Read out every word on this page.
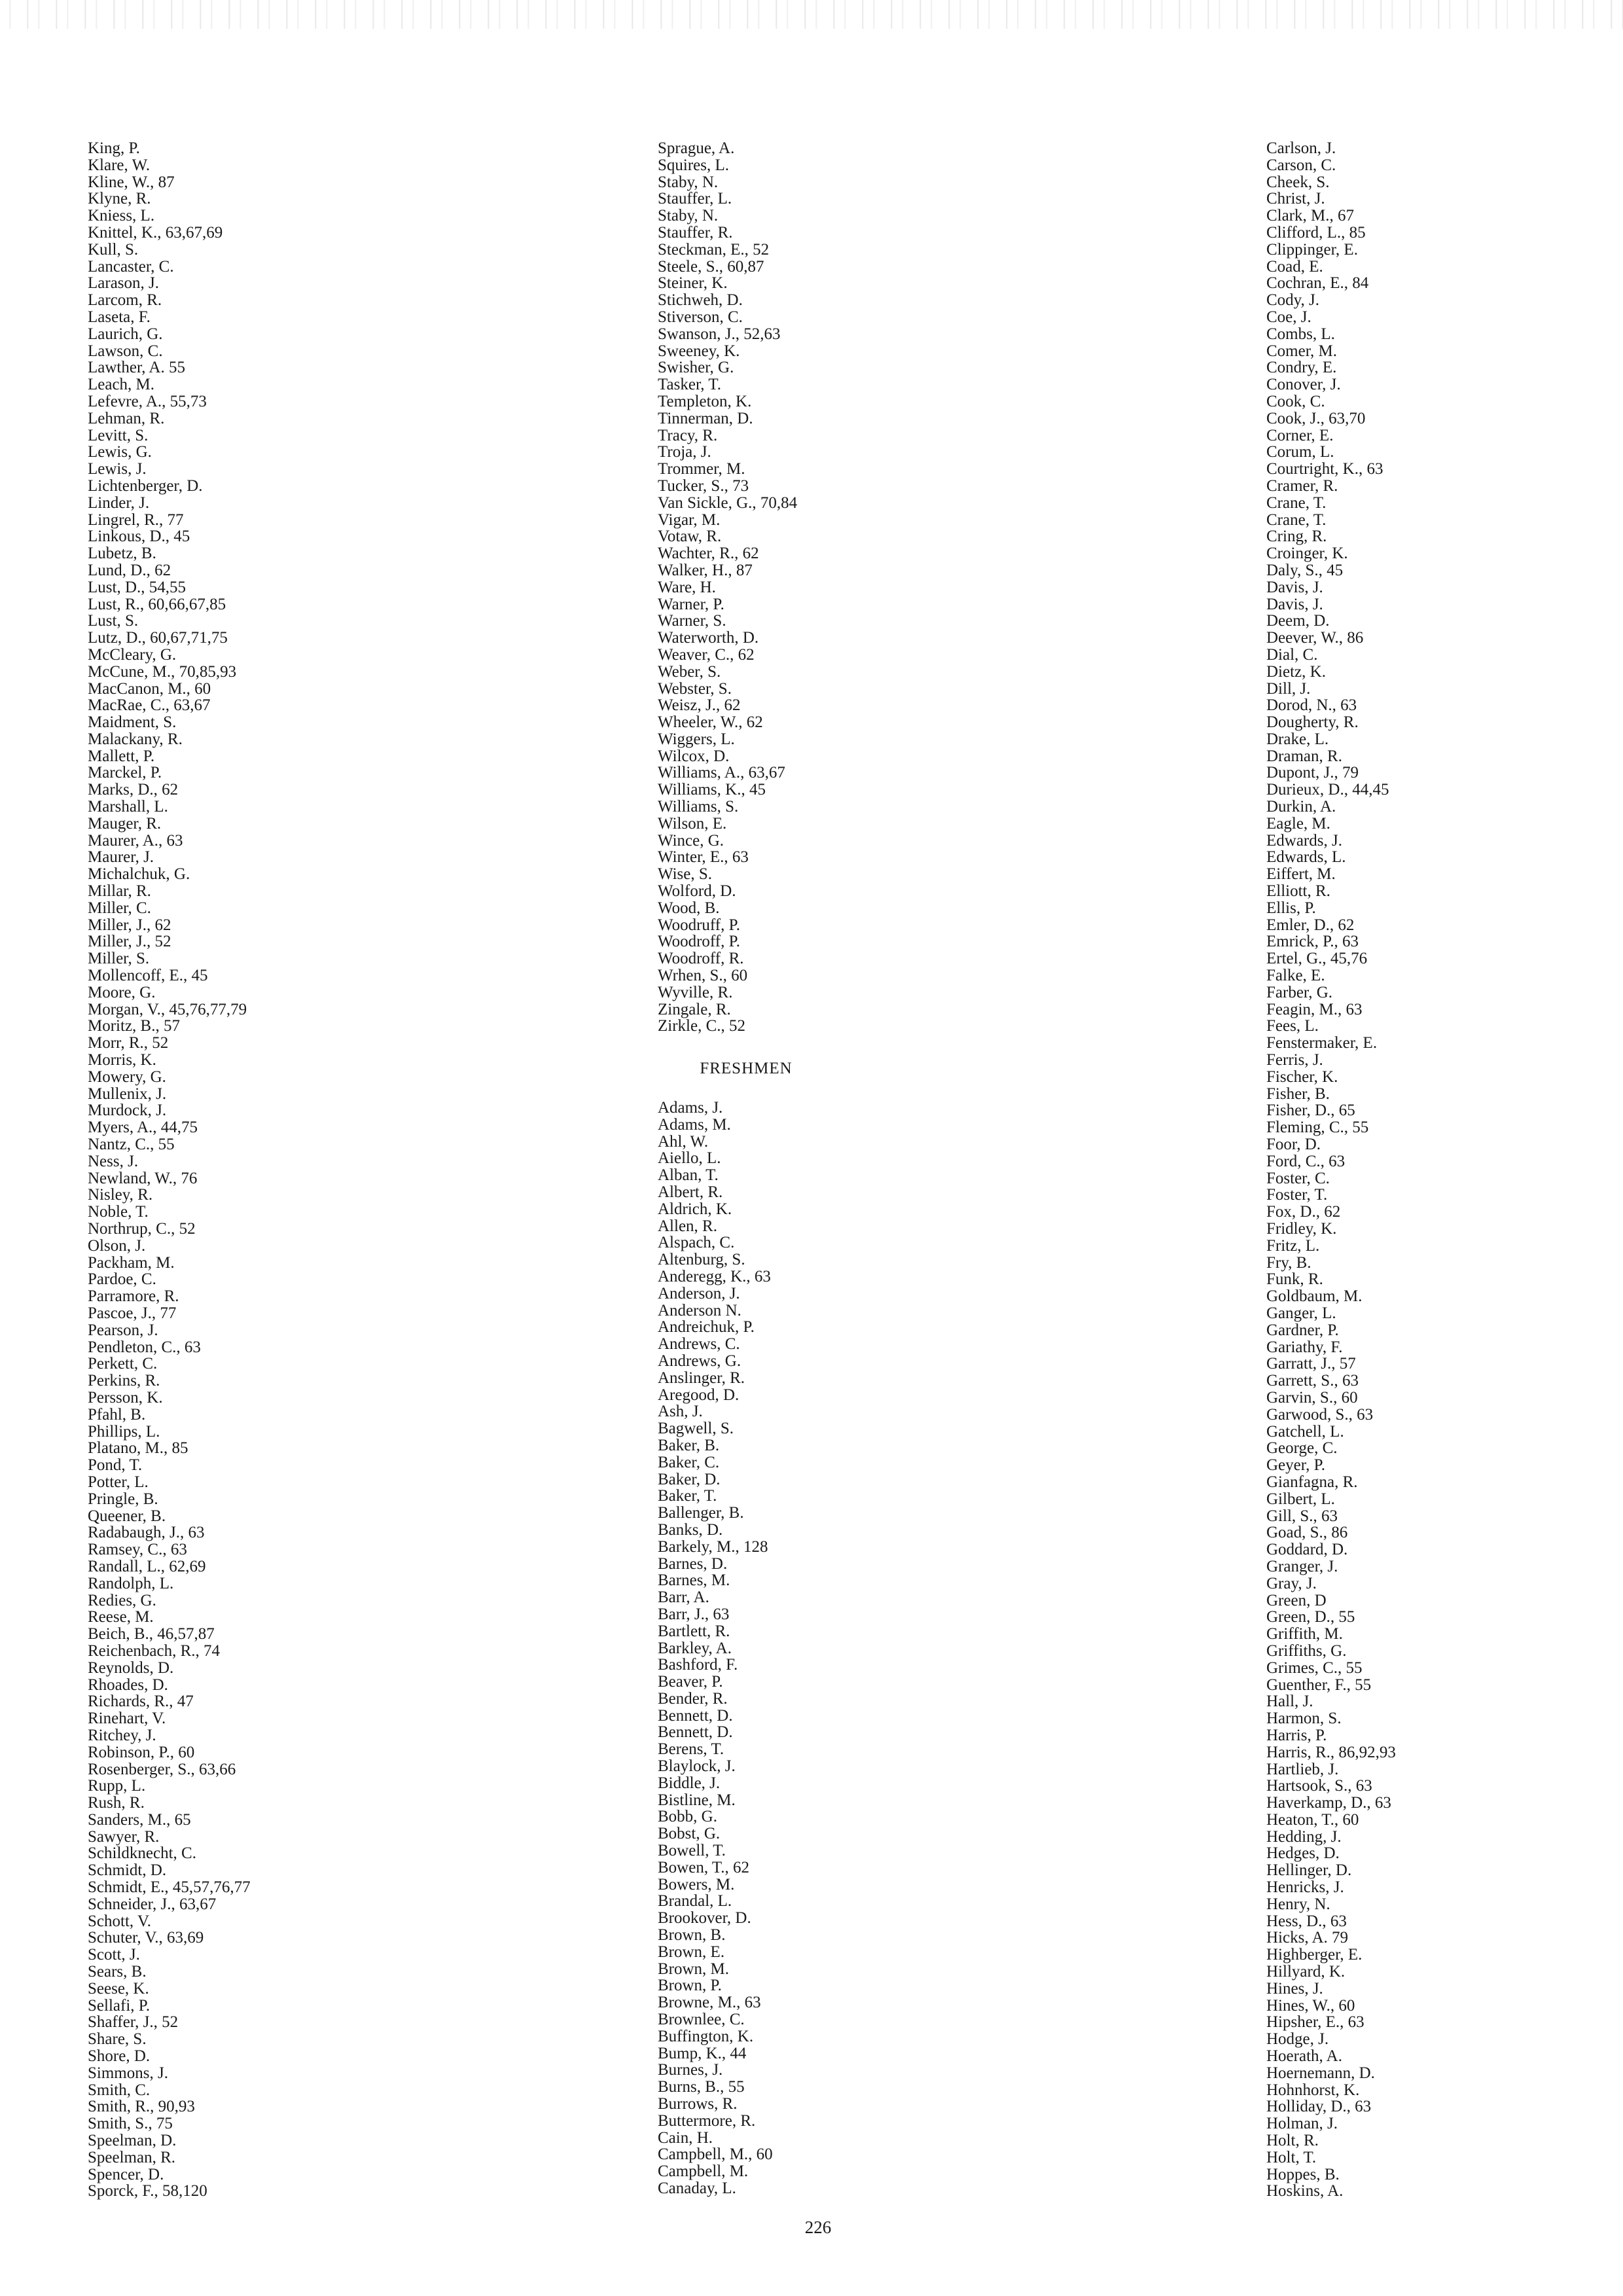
King, P.
Klare, W.
Kline, W., 87
Klyne, R.
Kniess, L.
Knittel, K., 63,67,69
Kull, S.
Lancaster, C.
Larason, J.
Larcom, R.
Laseta, F.
Laurich, G.
Lawson, C.
Lawther, A. 55
Leach, M.
Lefevre, A., 55,73
Lehman, R.
Levitt, S.
Lewis, G.
Lewis, J.
Lichtenberger, D.
Linder, J.
Lingrel, R., 77
Linkous, D., 45
Lubetz, B.
Lund, D., 62
Lust, D., 54,55
Lust, R., 60,66,67,85
Lust, S.
Lutz, D., 60,67,71,75
McCleary, G.
McCune, M., 70,85,93
MacCanon, M., 60
MacRae, C., 63,67
Maidment, S.
Malackany, R.
Mallett, P.
Marckel, P.
Marks, D., 62
Marshall, L.
Mauger, R.
Maurer, A., 63
Maurer, J.
Michalchuk, G.
Millar, R.
Miller, C.
Miller, J., 62
Miller, J., 52
Miller, S.
Mollencoff, E., 45
Moore, G.
Morgan, V., 45,76,77,79
Moritz, B., 57
Morr, R., 52
Morris, K.
Mowery, G.
Mullenix, J.
Murdock, J.
Myers, A., 44,75
Nantz, C., 55
Ness, J.
Newland, W., 76
Nisley, R.
Noble, T.
Northrup, C., 52
Olson, J.
Packham, M.
Pardoe, C.
Parramore, R.
Pascoe, J., 77
Pearson, J.
Pendleton, C., 63
Perkett, C.
Perkins, R.
Persson, K.
Pfahl, B.
Phillips, L.
Platano, M., 85
Pond, T.
Potter, L.
Pringle, B.
Queener, B.
Radabaugh, J., 63
Ramsey, C., 63
Randall, L., 62,69
Randolph, L.
Redies, G.
Reese, M.
Beich, B., 46,57,87
Reichenbach, R., 74
Reynolds, D.
Rhoades, D.
Richards, R., 47
Rinehart, V.
Ritchey, J.
Robinson, P., 60
Rosenberger, S., 63,66
Rupp, L.
Rush, R.
Sanders, M., 65
Sawyer, R.
Schildknecht, C.
Schmidt, D.
Schmidt, E., 45,57,76,77
Schneider, J., 63,67
Schott, V.
Schuter, V., 63,69
Scott, J.
Sears, B.
Seese, K.
Sellafi, P.
Shaffer, J., 52
Share, S.
Shore, D.
Simmons, J.
Smith, C.
Smith, R., 90,93
Smith, S., 75
Speelman, D.
Speelman, R.
Spencer, D.
Sporck, F., 58,120
Sprague, A.
Squires, L.
Staby, N.
Stauffer, L.
Staby, N.
Stauffer, R.
Steckman, E., 52
Steele, S., 60,87
Steiner, K.
Stichweh, D.
Stiverson, C.
Swanson, J., 52,63
Sweeney, K.
Swisher, G.
Tasker, T.
Templeton, K.
Tinnerman, D.
Tracy, R.
Troja, J.
Trommer, M.
Tucker, S., 73
Van Sickle, G., 70,84
Vigar, M.
Votaw, R.
Wachter, R., 62
Walker, H., 87
Ware, H.
Warner, P.
Warner, S.
Waterworth, D.
Weaver, C., 62
Weber, S.
Webster, S.
Weisz, J., 62
Wheeler, W., 62
Wiggers, L.
Wilcox, D.
Williams, A., 63,67
Williams, K., 45
Williams, S.
Wilson, E.
Wince, G.
Winter, E., 63
Wise, S.
Wolford, D.
Wood, B.
Woodruff, P.
Woodroff, P.
Woodroff, R.
Wrhen, S., 60
Wyville, R.
Zingale, R.
Zirkle, C., 52
FRESHMEN
Adams, J.
Adams, M.
Ahl, W.
Aiello, L.
Alban, T.
Albert, R.
Aldrich, K.
Allen, R.
Alspach, C.
Altenburg, S.
Anderegg, K., 63
Anderson, J.
Anderson N.
Andreichuk, P.
Andrews, C.
Andrews, G.
Anslinger, R.
Aregood, D.
Ash, J.
Bagwell, S.
Baker, B.
Baker, C.
Baker, D.
Baker, T.
Ballenger, B.
Banks, D.
Barkely, M., 128
Barnes, D.
Barnes, M.
Barr, A.
Barr, J., 63
Bartlett, R.
Barkley, A.
Bashford, F.
Beaver, P.
Bender, R.
Bennett, D.
Bennett, D.
Berens, T.
Blaylock, J.
Biddle, J.
Bistline, M.
Bobb, G.
Bobst, G.
Bowell, T.
Bowen, T., 62
Bowers, M.
Brandal, L.
Brookover, D.
Brown, B.
Brown, E.
Brown, M.
Brown, P.
Browne, M., 63
Brownlee, C.
Buffington, K.
Bump, K., 44
Burnes, J.
Burns, B., 55
Burrows, R.
Buttermore, R.
Cain, H.
Campbell, M., 60
Campbell, M.
Canaday, L.
Carlson, J.
Carson, C.
Cheek, S.
Christ, J.
Clark, M., 67
Clifford, L., 85
Clippinger, E.
Coad, E.
Cochran, E., 84
Cody, J.
Coe, J.
Combs, L.
Comer, M.
Condry, E.
Conover, J.
Cook, C.
Cook, J., 63,70
Corner, E.
Corum, L.
Courtright, K., 63
Cramer, R.
Crane, T.
Crane, T.
Cring, R.
Croinger, K.
Daly, S., 45
Davis, J.
Davis, J.
Deem, D.
Deever, W., 86
Dial, C.
Dietz, K.
Dill, J.
Dorod, N., 63
Dougherty, R.
Drake, L.
Draman, R.
Dupont, J., 79
Durieux, D., 44,45
Durkin, A.
Eagle, M.
Edwards, J.
Edwards, L.
Eiffert, M.
Elliott, R.
Ellis, P.
Emler, D., 62
Emrick, P., 63
Ertel, G., 45,76
Falke, E.
Farber, G.
Feagin, M., 63
Fees, L.
Fenstermaker, E.
Ferris, J.
Fischer, K.
Fisher, B.
Fisher, D., 65
Fleming, C., 55
Foor, D.
Ford, C., 63
Foster, C.
Foster, T.
Fox, D., 62
Fridley, K.
Fritz, L.
Fry, B.
Funk, R.
Goldbaum, M.
Ganger, L.
Gardner, P.
Gariathy, F.
Garratt, J., 57
Garrett, S., 63
Garvin, S., 60
Garwood, S., 63
Gatchell, L.
George, C.
Geyer, P.
Gianfagna, R.
Gilbert, L.
Gill, S., 63
Goad, S., 86
Goddard, D.
Granger, J.
Gray, J.
Green, D
Green, D., 55
Griffith, M.
Griffiths, G.
Grimes, C., 55
Guenther, F., 55
Hall, J.
Harmon, S.
Harris, P.
Harris, R., 86,92,93
Hartlieb, J.
Hartsook, S., 63
Haverkamp, D., 63
Heaton, T., 60
Hedding, J.
Hedges, D.
Hellinger, D.
Henricks, J.
Henry, N.
Hess, D., 63
Hicks, A. 79
Highberger, E.
Hillyard, K.
Hines, J.
Hines, W., 60
Hipsher, E., 63
Hodge, J.
Hoerath, A.
Hoernemann, D.
Hohnhorst, K.
Holliday, D., 63
Holman, J.
Holt, R.
Holt, T.
Hoppes, B.
Hoskins, A.
226
